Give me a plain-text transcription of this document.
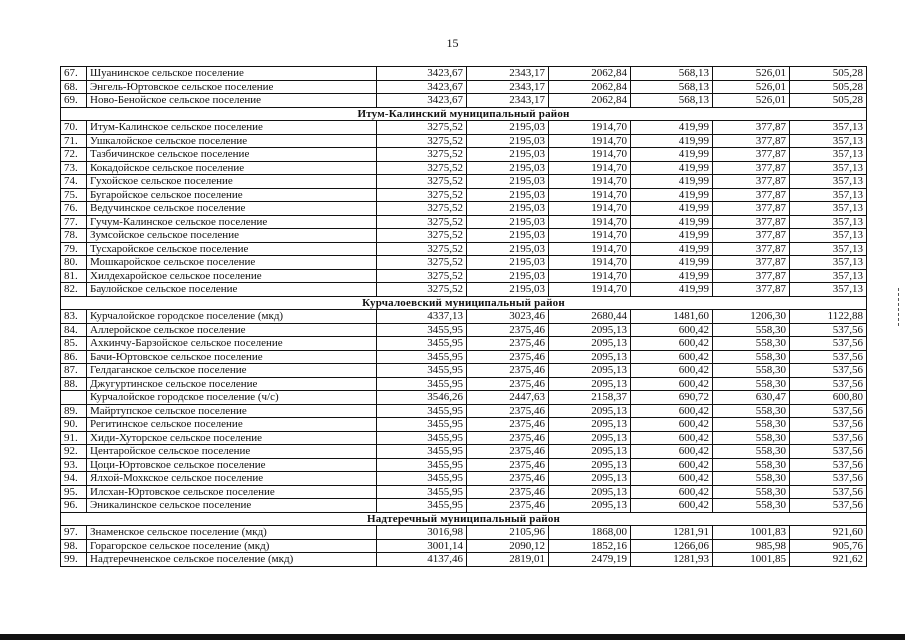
15
67.	Шуанинское сельское поселение	3423,67	2343,17	2062,84	568,13	526,01	505,28
68.	Энгель-Юртовское сельское поселение	3423,67	2343,17	2062,84	568,13	526,01	505,28
69.	Ново-Бенойское сельское поселение	3423,67	2343,17	2062,84	568,13	526,01	505,28
Итум-Калинский муниципальный район							
70.	Итум-Калинское сельское поселение	3275,52	2195,03	1914,70	419,99	377,87	357,13
71.	Ушкалойское сельское поселение	3275,52	2195,03	1914,70	419,99	377,87	357,13
72.	Тазбичинское сельское поселение	3275,52	2195,03	1914,70	419,99	377,87	357,13
73.	Кокадойское сельское поселение	3275,52	2195,03	1914,70	419,99	377,87	357,13
74.	Гухойское сельское поселение	3275,52	2195,03	1914,70	419,99	377,87	357,13
75.	Бугаройское сельское поселение	3275,52	2195,03	1914,70	419,99	377,87	357,13
76.	Ведучинское сельское поселение	3275,52	2195,03	1914,70	419,99	377,87	357,13
77.	Гучум-Калинское сельское поселение	3275,52	2195,03	1914,70	419,99	377,87	357,13
78.	Зумсойское сельское поселение	3275,52	2195,03	1914,70	419,99	377,87	357,13
79.	Тусхаройское сельское поселение	3275,52	2195,03	1914,70	419,99	377,87	357,13
80.	Мошкаройское сельское поселение	3275,52	2195,03	1914,70	419,99	377,87	357,13
81.	Хилдехаройское сельское поселение	3275,52	2195,03	1914,70	419,99	377,87	357,13
82.	Баулойское сельское поселение	3275,52	2195,03	1914,70	419,99	377,87	357,13
Курчалоевский муниципальный район							
83.	Курчалойское городское поселение (мкд)	4337,13	3023,46	2680,44	1481,60	1206,30	1122,88
84.	Аллеройское сельское поселение	3455,95	2375,46	2095,13	600,42	558,30	537,56
85.	Ахкинчу-Барзойское сельское поселение	3455,95	2375,46	2095,13	600,42	558,30	537,56
86.	Бачи-Юртовское сельское поселение	3455,95	2375,46	2095,13	600,42	558,30	537,56
87.	Гелдаганское сельское поселение	3455,95	2375,46	2095,13	600,42	558,30	537,56
88.	Джугуртинское сельское поселение	3455,95	2375,46	2095,13	600,42	558,30	537,56
	Курчалойское городское поселение (ч/с)	3546,26	2447,63	2158,37	690,72	630,47	600,80
89.	Майртупское сельское поселение	3455,95	2375,46	2095,13	600,42	558,30	537,56
90.	Регитинское сельское поселение	3455,95	2375,46	2095,13	600,42	558,30	537,56
91.	Хиди-Хуторское сельское поселение	3455,95	2375,46	2095,13	600,42	558,30	537,56
92.	Центаройское сельское поселение	3455,95	2375,46	2095,13	600,42	558,30	537,56
93.	Цоци-Юртовское сельское поселение	3455,95	2375,46	2095,13	600,42	558,30	537,56
94.	Ялхой-Мохкское сельское поселение	3455,95	2375,46	2095,13	600,42	558,30	537,56
95.	Илсхан-Юртовское сельское поселение	3455,95	2375,46	2095,13	600,42	558,30	537,56
96.	Эникалинское сельское поселение	3455,95	2375,46	2095,13	600,42	558,30	537,56
Надтеречный муниципальный район							
97.	Знаменское сельское поселение (мкд)	3016,98	2105,96	1868,00	1281,91	1001,83	921,60
98.	Горагорское сельское поселение (мкд)	3001,14	2090,12	1852,16	1266,06	985,98	905,76
99.	Надтеречненское сельское поселение (мкд)	4137,46	2819,01	2479,19	1281,93	1001,85	921,62
